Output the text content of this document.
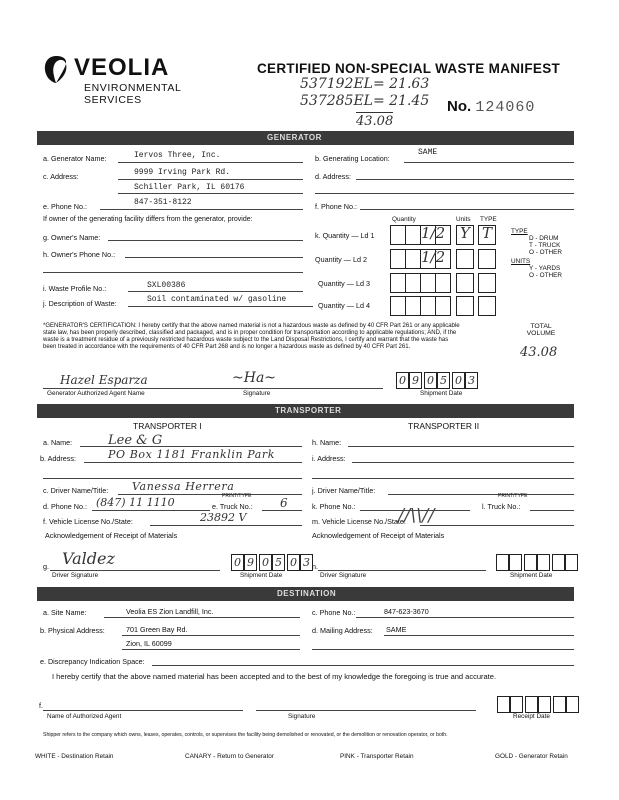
VEOLIA
ENVIRONMENTAL SERVICES
CERTIFIED NON-SPECIAL WASTE MANIFEST
537192EL= 21.63
537285EL= 21.45
43.08
No. 124060
GENERATOR
a. Generator Name:	Iervos Three, Inc.	b. Generating Location:
SAME
c. Address:	9999 Irving Park Rd.
Schiller Park, IL 60176
d. Address:
e. Phone No.:	847-351-8122	f. Phone No.:
If owner of the generating facility differs from the generator, provide:
g. Owner's Name:
h. Owner's Phone No.:
i. Waste Profile No.:	SXL00386
j. Description of Waste:	Soil contaminated w/ gasoline
Quantity	Units TYPE
k. Quantity — Ld 1	1/2 Y T
Quantity — Ld 2	1/2
Quantity — Ld 3
Quantity — Ld 4
TYPE
D - DRUM
T - TRUCK
O - OTHER
UNITS
Y - YARDS
O - OTHER
*GENERATOR'S CERTIFICATION: I hereby certify that the above named material is not a hazardous waste as defined by 40 CFR Part 261 or any applicable state law, has been properly described, classified and packaged, and is in proper condition for transportation according to applicable regulations; AND, if the waste is a treatment residue of a previously restricted hazardous waste subject to the Land Disposal Restrictions, I certify and warrant that the waste has been treated in accordance with the requirements of 40 CFR Part 268 and is no longer a hazardous waste as defined by 40 CFR Part 261.
TOTAL VOLUME
43.08
Hazel Esparza	~Ha~
Generator Authorized Agent Name	Signature
0 9 0 5 0 3
Shipment Date
TRANSPORTER
TRANSPORTER I	TRANSPORTER II
a. Name:	Lee & G
b. Address:	PO Box 1181 Franklin Park
c. Driver Name/Title: Vanessa Herrera
d. Phone No.: (847) 11 1110	PRINT/TYPE
e. Truck No.: 6
f. Vehicle License No./State:	23892 V
Acknowledgement of Receipt of Materials
g. Valdez
Driver Signature
0 9 0 5 0 3
Shipment Date
h. Name:
i. Address:
j. Driver Name/Title:
k. Phone No.:
PRINT/TYPE
l. Truck No.:
m. Vehicle License No./State:
//\\//
Acknowledgement of Receipt of Materials
n.
Driver Signature	Shipment Date
DESTINATION
a. Site Name:	Veolia ES Zion Landfill, Inc.	c. Phone No.:	847-623-3670
b. Physical Address:	701 Green Bay Rd.
Zion, IL 60099
d. Mailing Address: SAME
e. Discrepancy Indication Space:
I hereby certify that the above named material has been accepted and to the best of my knowledge the foregoing is true and accurate.
f.
Name of Authorized Agent	Signature	Receipt Date
Shipper refers to the company which owns, leases, operates, controls, or supervises the facility being demolished or renovated, or the demolition or renovation operator, or both.
WHITE - Destination Retain	CANARY - Return to Generator	PINK - Transporter Retain	GOLD - Generator Retain
